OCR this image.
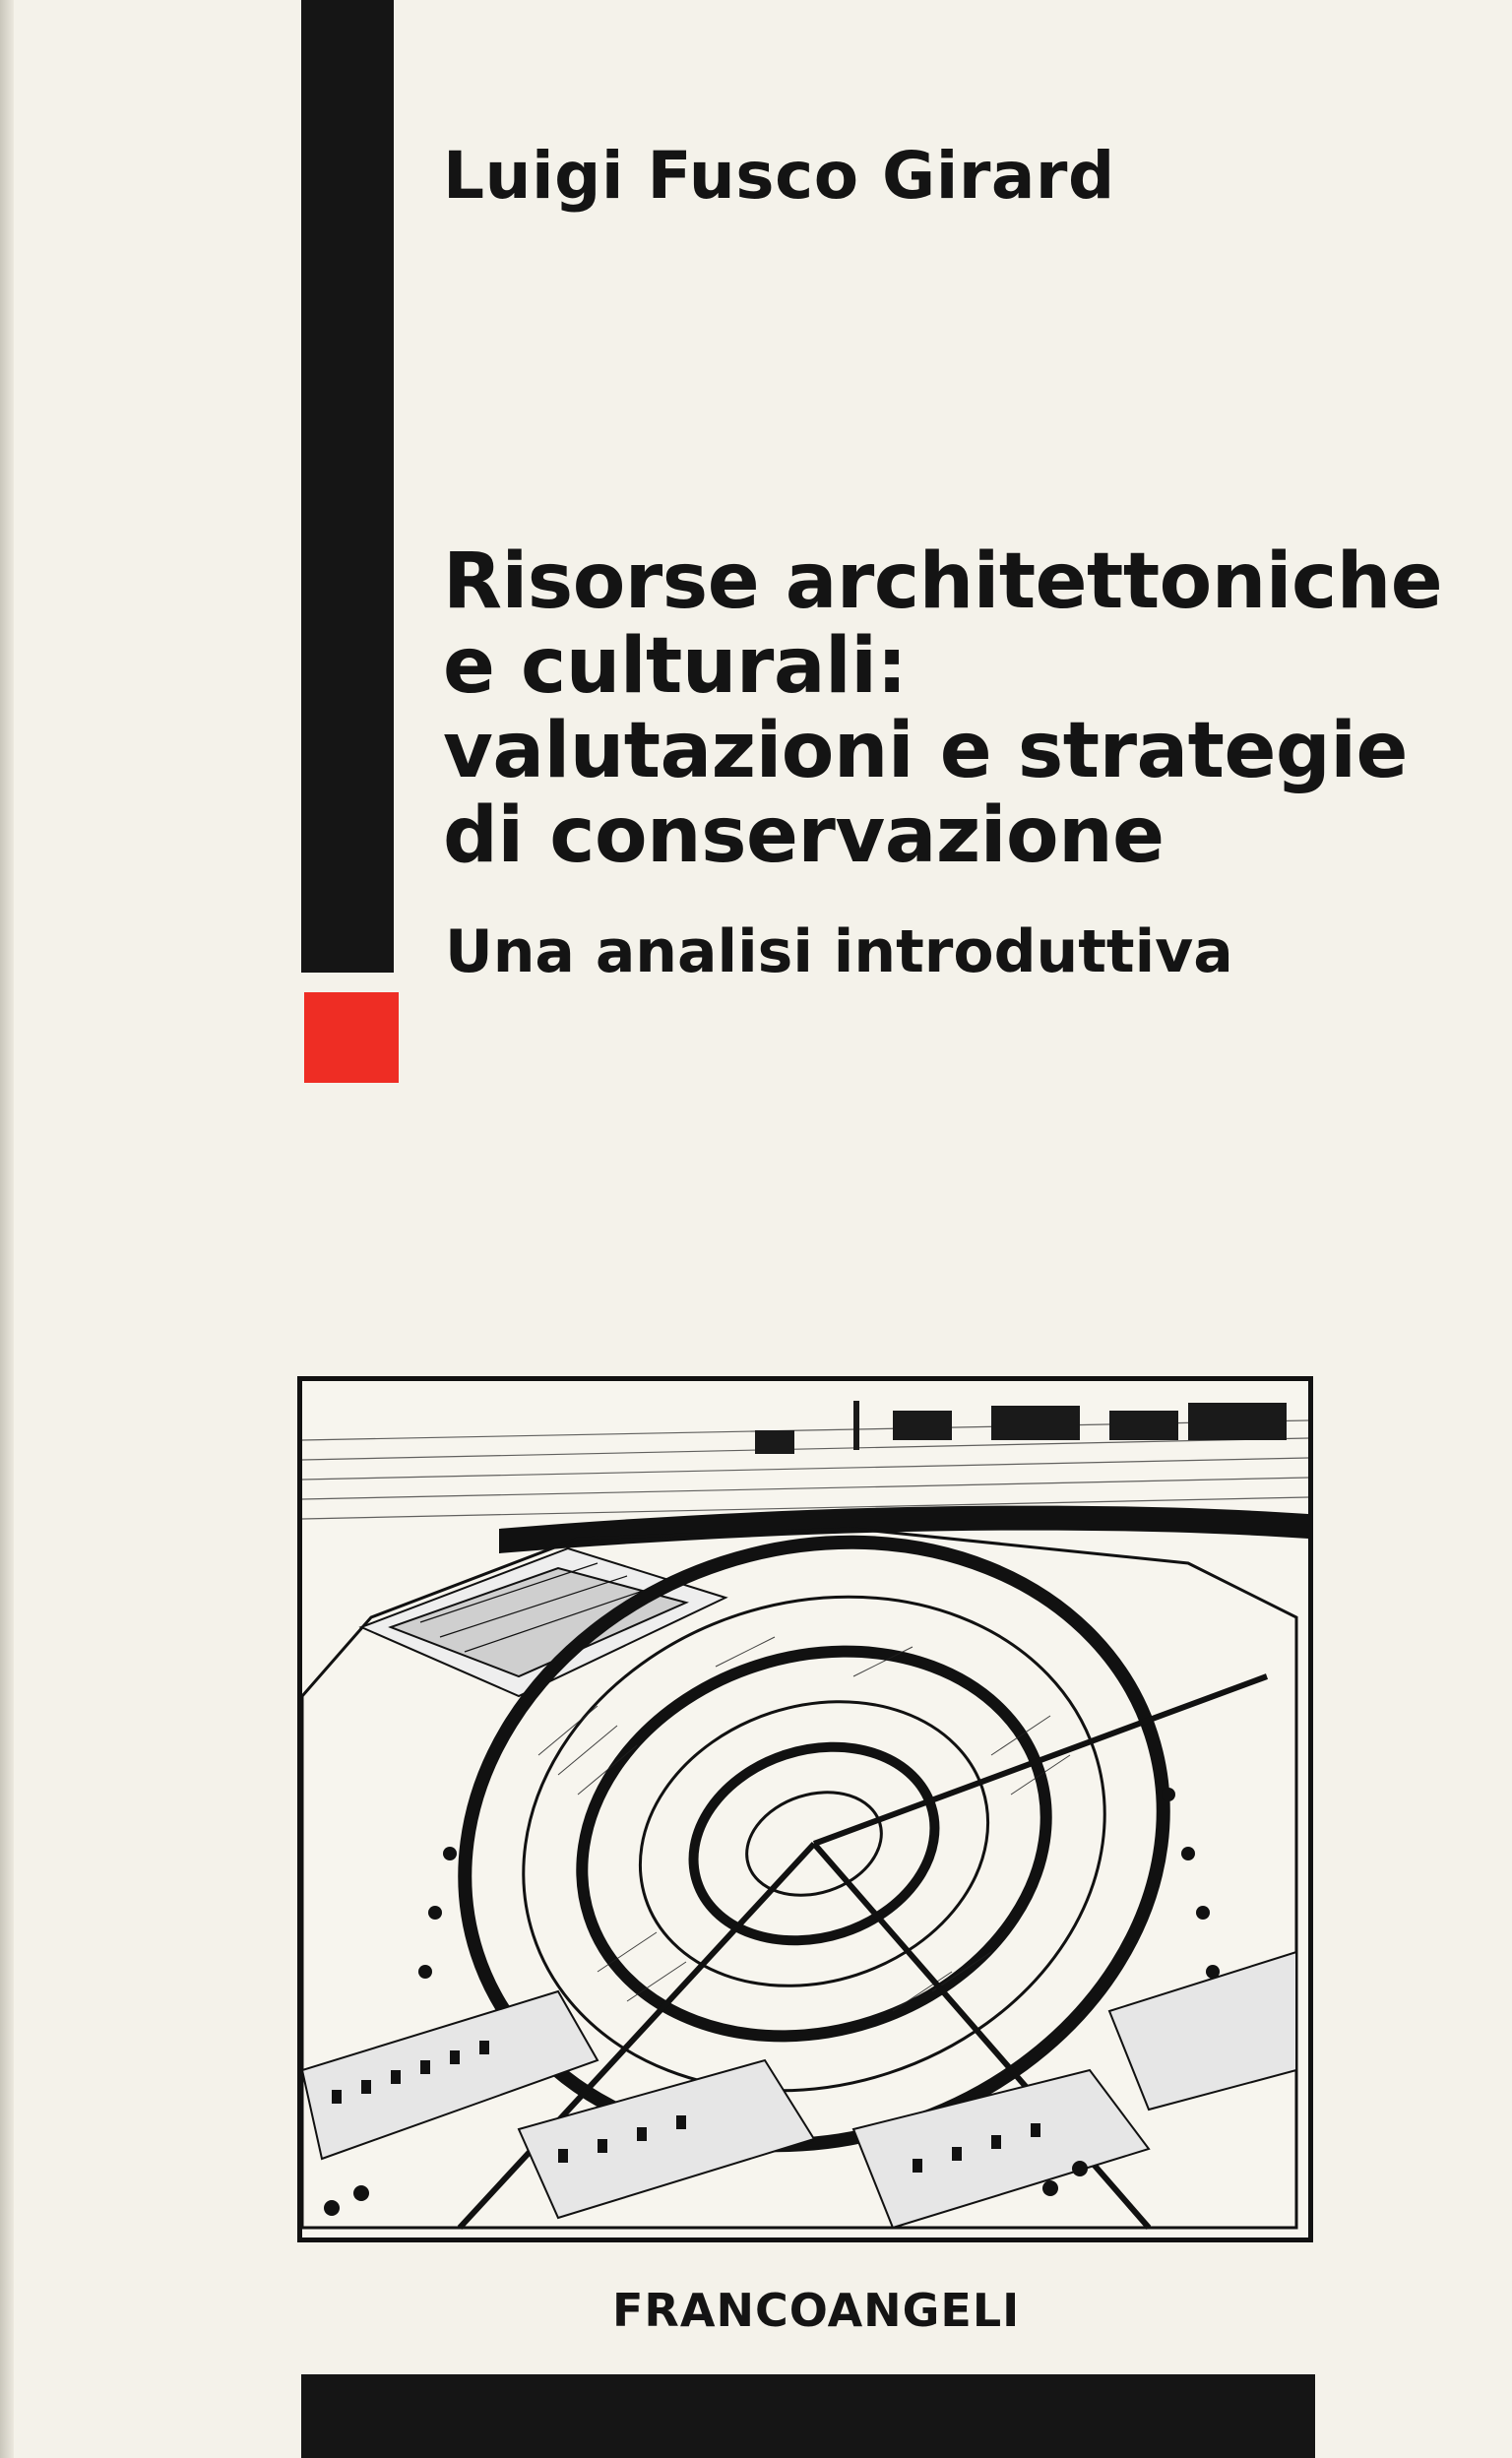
Luigi Fusco Girard
Risorse architettoniche
e culturali:
valutazioni e strategie
di conservazione
Una analisi introduttiva
FRANCOANGELI
